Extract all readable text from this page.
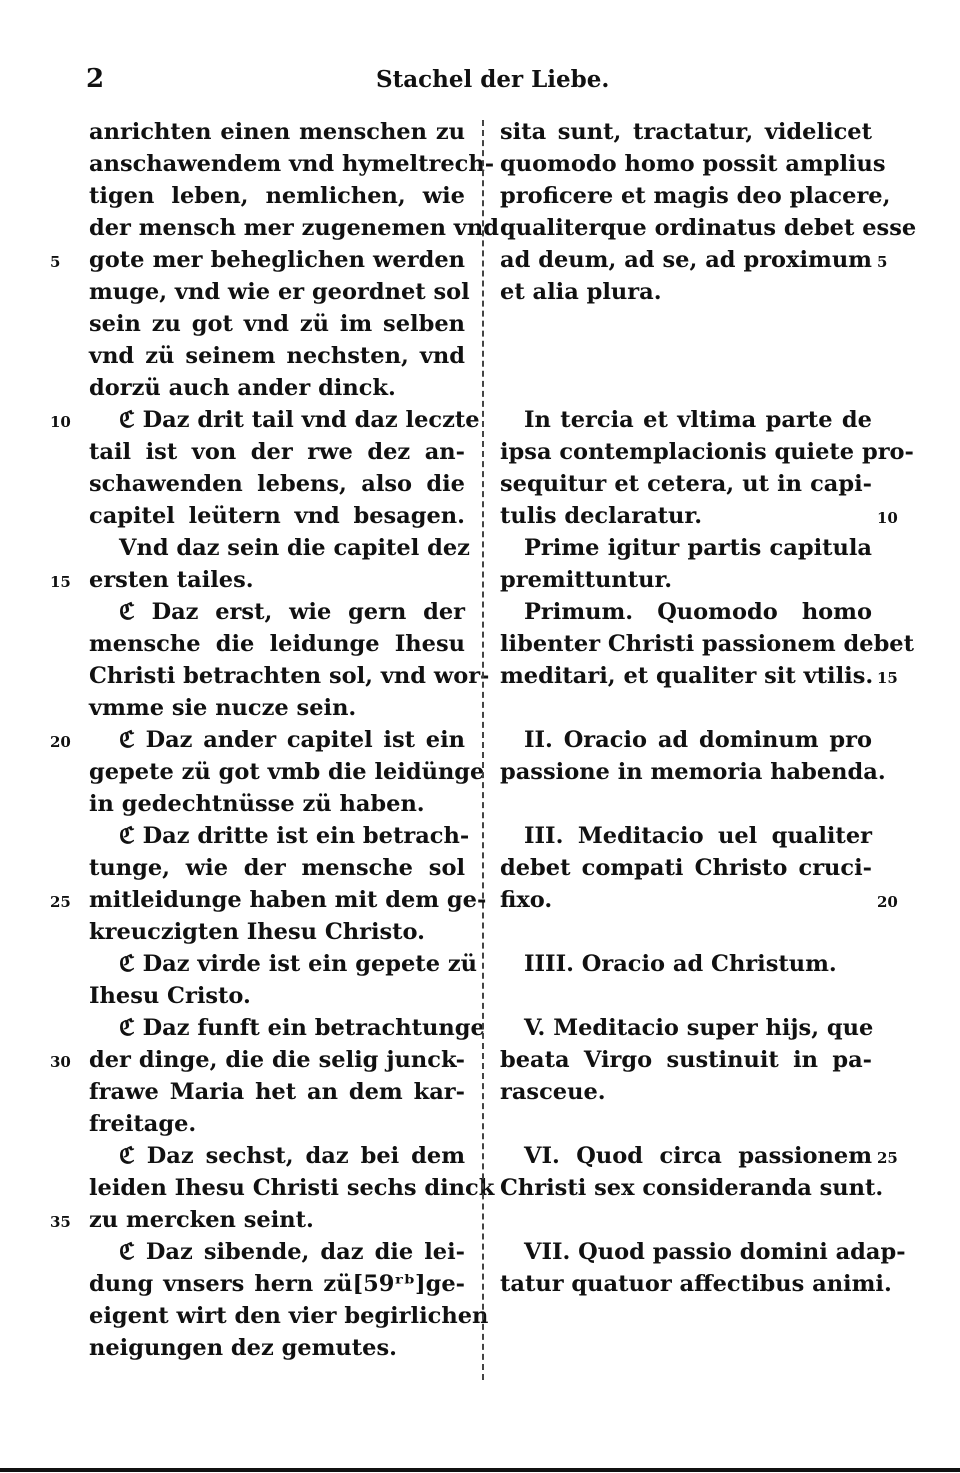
2	Stachel der Liebe.
anrichten einen menschen zu
anschawendem vnd hymeltrech-
tigen leben, nemlichen, wie
der mensch mer zugenemen vnd
gote mer beheglichen werden
muge, vnd wie er geordnet sol
sein zu got vnd zü im selben
vnd zü seinem nechsten, vnd
dorzü auch ander dinck.
ℭ Daz drit tail vnd daz leczte
tail ist von der rwe dez an-
schawenden lebens, also die
capitel leütern vnd besagen.
Vnd daz sein die capitel dez
ersten tailes.
ℭ Daz erst, wie gern der
mensche die leidunge Ihesu
Christi betrachten sol, vnd wor-
vmme sie nucze sein.
ℭ Daz ander capitel ist ein
gepete zü got vmb die leidünge
in gedechtnüsse zü haben.
ℭ Daz dritte ist ein betrach-
tunge, wie der mensche sol
mitleidunge haben mit dem ge-
kreuczigten Ihesu Christo.
ℭ Daz virde ist ein gepete zü
Ihesu Cristo.
ℭ Daz funft ein betrachtunge
der dinge, die die selig junck-
frawe Maria het an dem kar-
freitage.
ℭ Daz sechst, daz bei dem
leiden Ihesu Christi sechs dinck
zu mercken seint.
ℭ Daz sibende, daz die lei-
dung vnsers hern zü[59ʳᵇ]ge-
eigent wirt den vier begirlichen
neigungen dez gemutes.
sita sunt, tractatur, videlicet
quomodo homo possit amplius
proficere et magis deo placere,
qualiterque ordinatus debet esse
ad deum, ad se, ad proximum
et alia plura.

In tercia et vltima parte de
ipsa contemplacionis quiete pro-
sequitur et cetera, ut in capi-
tulis declaratur.
Prime igitur partis capitula
premittuntur.
Primum. Quomodo homo
libenter Christi passionem debet
meditari, et qualiter sit vtilis.

II. Oracio ad dominum pro
passione in memoria habenda.

III. Meditacio uel qualiter
debet compati Christo cruci-
fixo.

IIII. Oracio ad Christum.

V. Meditacio super hijs, que
beata Virgo sustinuit in pa-
rasceue.

VI. Quod circa passionem
Christi sex consideranda sunt.

VII. Quod passio domini adap-
tatur quatuor affectibus animi.
5
10
15
20
25
30
35
5
10
15
20
25
